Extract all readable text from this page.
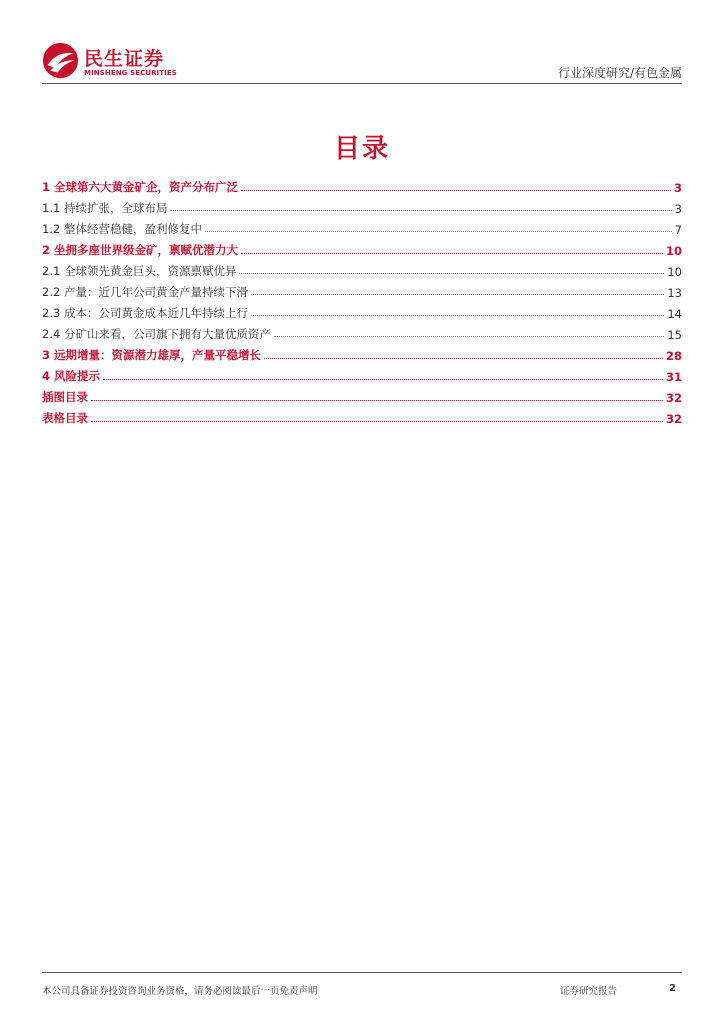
民生证券
MINSHENG SECURITIES	行业深度研究/有色金属
目录
1 全球第六大黄金矿企，资产分布广泛	3
1.1 持续扩张，全球布局	3
1.2 整体经营稳健，盈利修复中	7
2 坐拥多座世界级金矿，禀赋优潜力大	10
2.1 全球领先黄金巨头，资源禀赋优异	10
2.2 产量：近几年公司黄金产量持续下滑	13
2.3 成本：公司黄金成本近几年持续上行	14
2.4 分矿山来看，公司旗下拥有大量优质资产	15
3 远期增量：资源潜力雄厚，产量平稳增长	28
4 风险提示	31
插图目录	32
表格目录	32
本公司具备证券投资咨询业务资格，请务必阅读最后一页免责声明	证券研究报告	2
